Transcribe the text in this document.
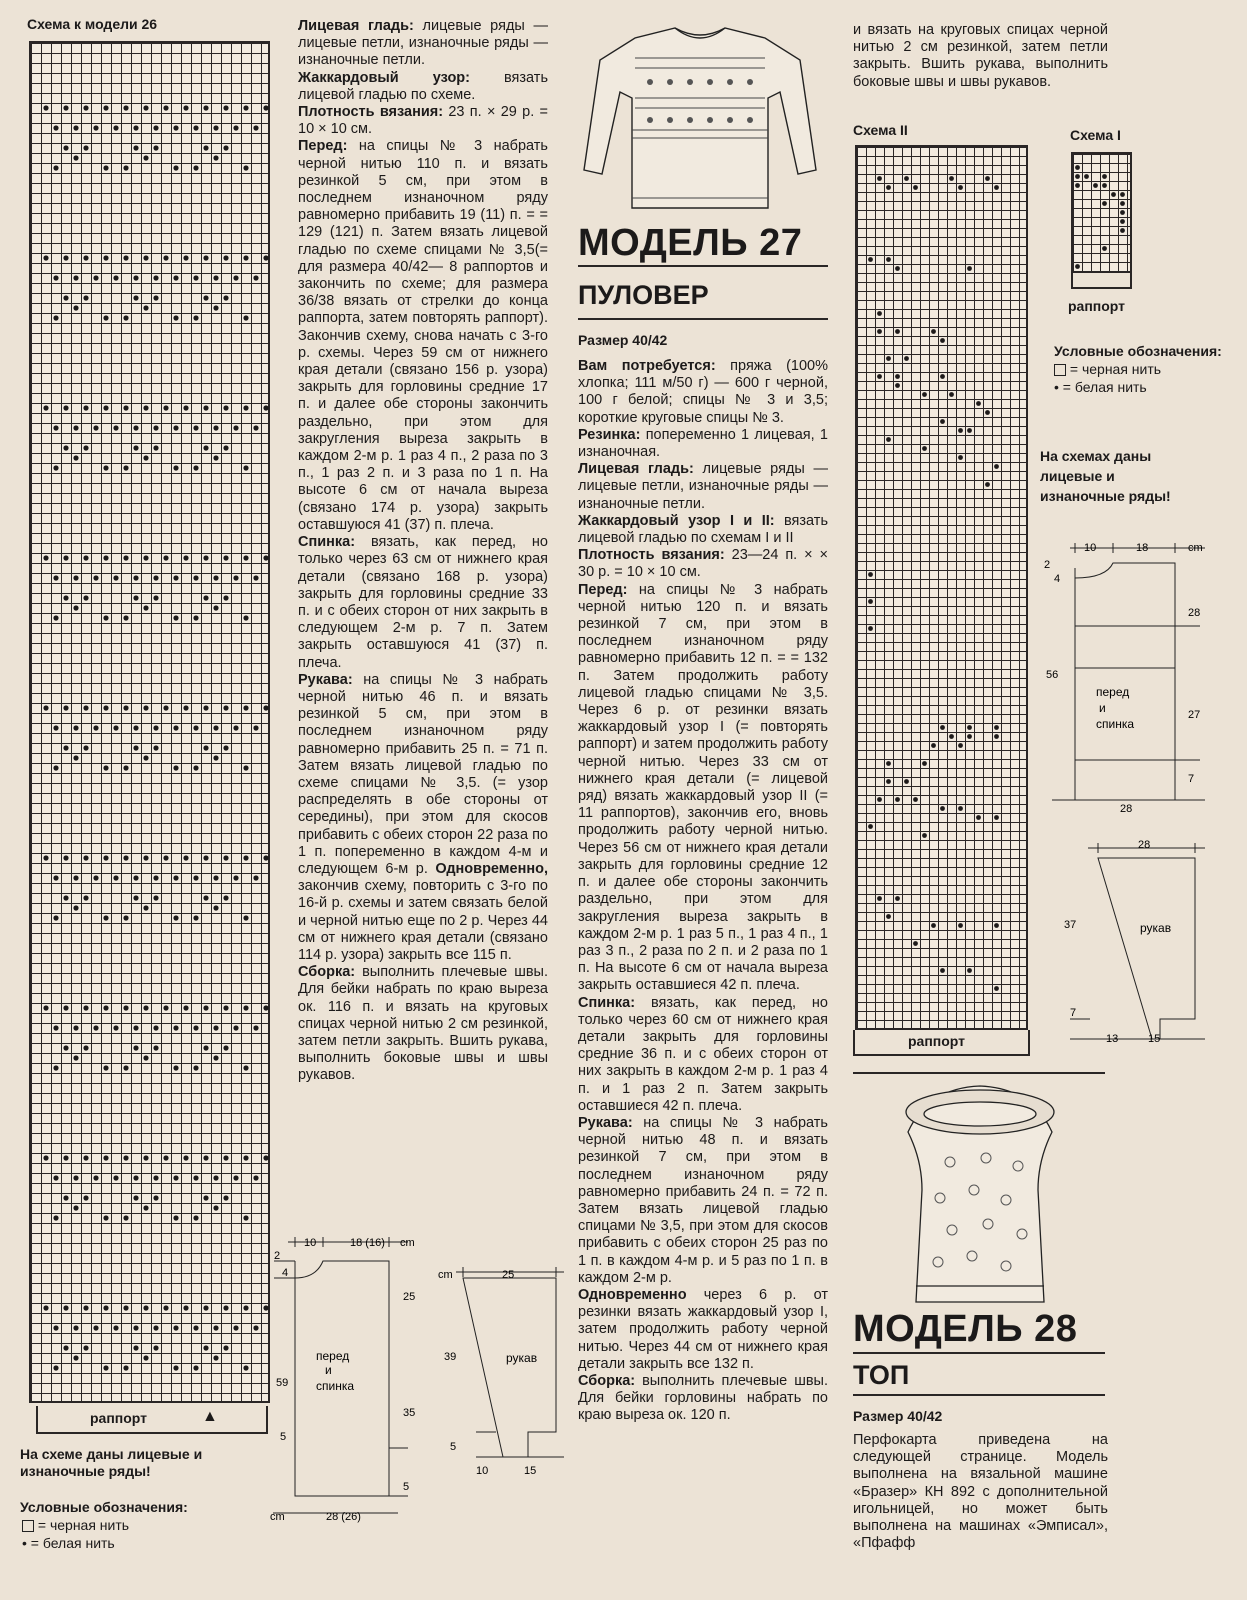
Схема к модели 26
раппорт	▲
На схеме даны лицевые и изнаночные ряды!
Условные обозначения:
= черная нить
• = белая нить

Лицевая гладь: лицевые ряды — лицевые петли, изнаночные ряды — изнаночные петли.

Жаккардовый узор: вязать лицевой гладью по схеме.

Плотность вязания: 23 п. × 29 р. = 10 × 10 см.

Перед: на спицы № 3 набрать черной нитью 110 п. и вязать резинкой 5 см, при этом в последнем изнаночном ряду равномерно прибавить 19 (11) п. = = 129 (121) п. Затем вязать лицевой гладью по схеме спицами № 3,5(= для размера 40/42— 8 раппортов и закончить по схеме; для размера 36/38 вязать от стрелки до конца раппорта, затем повторять раппорт). Закончив схему, снова начать с 3-го р. схемы. Через 59 см от нижнего края детали (связано 156 р. узора) закрыть для горловины средние 17 п. и далее обе стороны закончить раздельно, при этом для закругления выреза закрыть в каждом 2-м р. 1 раз 4 п., 2 раза по 3 п., 1 раз 2 п. и 3 раза по 1 п. На высоте 6 см от начала выреза (связано 174 р. узора) закрыть оставшуюся 41 (37) п. плеча.

Спинка: вязать, как перед, но только через 63 см от нижнего края детали (связано 168 р. узора) закрыть для горловины средние 33 п. и с обеих сторон от них закрыть в следующем 2-м р. 7 п. Затем закрыть оставшуюся 41 (37) п. плеча.

Рукава: на спицы № 3 набрать черной нитью 46 п. и вязать резинкой 5 см, при этом в последнем изнаночном ряду равномерно прибавить 25 п. = 71 п. Затем вязать лицевой гладью по схеме спицами № 3,5. (= узор распределять в обе стороны от середины), при этом для скосов прибавить с обеих сторон 22 раза по 1 п. попеременно в каждом 4-м и следующем 6-м р. Одновременно, закончив схему, повторить с 3-го по 16-й р. схемы и затем связать белой и черной нитью еще по 2 р. Через 44 см от нижнего края детали (связано 114 р. узора) закрыть все 115 п.

Сборка: выполнить плечевые швы. Для бейки набрать по краю выреза ок. 116 п. и вязать на круговых спицах черной нитью 2 см резинкой, затем петли закрыть. Вшить рукава, выполнить боковые швы и швы рукавов.

10	18 (16) cm
2
4
59
5
25
35
5
cm	28 (26)
перед
и
спинка
cm	25
39
5
10	15
рукав
МОДЕЛЬ 27
ПУЛОВЕР
Размер 40/42

Вам потребуется: пряжа (100% хлопка; 111 м/50 г) — 600 г черной, 100 г белой; спицы № 3 и 3,5; короткие круговые спицы № 3.

Резинка: попеременно 1 лицевая, 1 изнаночная.

Лицевая гладь: лицевые ряды — лицевые петли, изнаночные ряды — изнаночные петли.

Жаккардовый узор I и II: вязать лицевой гладью по схемам I и II

Плотность вязания: 23—24 п. × × 30 р. = 10 × 10 см.

Перед: на спицы № 3 набрать черной нитью 120 п. и вязать резинкой 7 см, при этом в последнем изнаночном ряду равномерно прибавить 12 п. = = 132 п. Затем продолжить работу лицевой гладью спицами № 3,5. Через 6 р. от резинки вязать жаккардовый узор I (= повторять раппорт) и затем продолжить работу черной нитью. Через 33 см от нижнего края детали (= лицевой ряд) вязать жаккардовый узор II (= 11 раппортов), закончив его, вновь продолжить работу черной нитью. Через 56 см от нижнего края детали закрыть для горловины средние 12 п. и далее обе стороны закончить раздельно, при этом для закругления выреза закрыть в каждом 2-м р. 1 раз 5 п., 1 раз 4 п., 1 раз 3 п., 2 раза по 2 п. и 2 раза по 1 п. На высоте 6 см от начала выреза закрыть оставшиеся 42 п. плеча.

Спинка: вязать, как перед, но только через 60 см от нижнего края детали закрыть для горловины средние 36 п. и с обеих сторон от них закрыть в каждом 2-м р. 1 раз 4 п. и 1 раз 2 п. Затем закрыть оставшиеся 42 п. плеча.

Рукава: на спицы № 3 набрать черной нитью 48 п. и вязать резинкой 7 см, при этом в последнем изнаночном ряду равномерно прибавить 24 п. = 72 п. Затем вязать лицевой гладью спицами № 3,5, при этом для скосов прибавить с обеих сторон 25 раз по 1 п. в каждом 4-м р. и 5 раз по 1 п. в каждом 2-м р.

Одновременно через 6 р. от резинки вязать жаккардовый узор I, затем продолжить работу черной нитью. Через 44 см от нижнего края детали закрыть все 132 п.

Сборка: выполнить плечевые швы. Для бейки горловины набрать по краю выреза ок. 120 п.

и вязать на круговых спицах черной нитью 2 см резинкой, затем петли закрыть. Вшить рукава, выполнить боковые швы и швы рукавов.
Схема II
раппорт
Схема I
раппорт
Условные обозначения:
= черная нить
• = белая нить
На схемах даны лицевые и изнаночные ряды!
10	18	cm
2
4
56
28
27
7
28
перед
и
спинка
28
37
7
13	15
рукав
МОДЕЛЬ 28
ТОП
Размер 40/42
Перфокарта приведена на следующей странице. Модель выполнена на вязальной машине «Бразер» КН 892 с дополнительной игольницей, но может быть выполнена на машинах «Эмписал», «Пфафф
